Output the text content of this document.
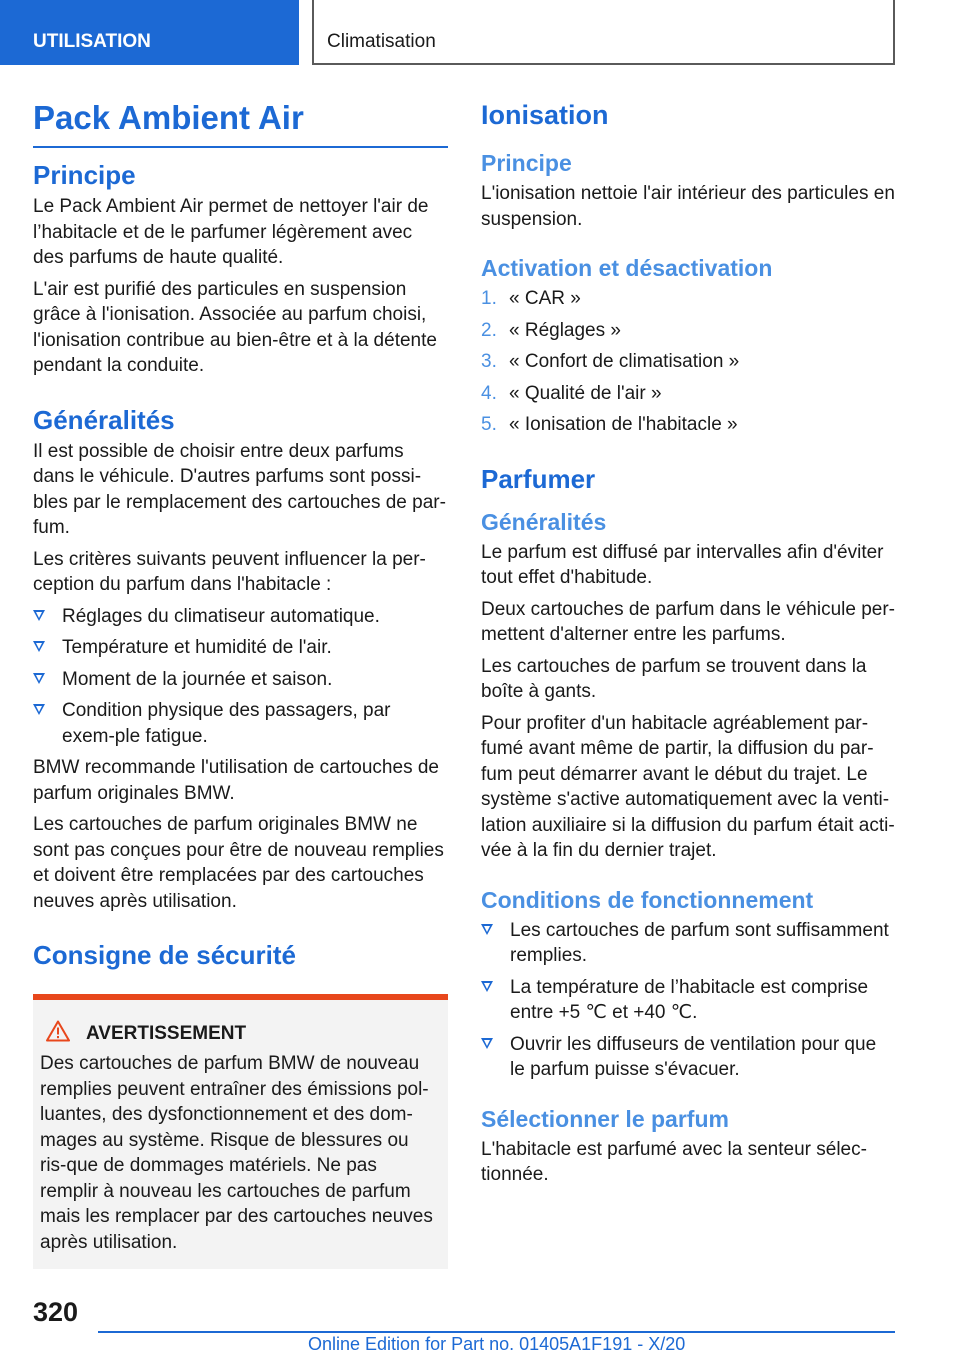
UTILISATION	Climatisation
Pack Ambient Air
Principe

Le Pack Ambient Air permet de nettoyer l'air de l’habitacle et de le parfumer légèrement avec des parfums de haute qualité.

L'air est purifié des particules en suspension grâce à l'ionisation. Associée au parfum choisi, l'ionisation contribue au bien-être et à la détente pendant la conduite.

Généralités

Il est possible de choisir entre deux parfums dans le véhicule. D'autres parfums sont possi-bles par le remplacement des cartouches de par-fum.

Les critères suivants peuvent influencer la per-ception du parfum dans l'habitacle :

Réglages du climatiseur automatique.
Température et humidité de l'air.
Moment de la journée et saison.
Condition physique des passagers, par exem-ple fatigue.

BMW recommande l'utilisation de cartouches de parfum originales BMW.

Les cartouches de parfum originales BMW ne sont pas conçues pour être de nouveau remplies et doivent être remplacées par des cartouches neuves après utilisation.

Consigne de sécurité
AVERTISSEMENT

Des cartouches de parfum BMW de nouveau remplies peuvent entraîner des émissions pol-luantes, des dysfonctionnement et des dom-mages au système. Risque de blessures ou ris-que de dommages matériels. Ne pas remplir à nouveau les cartouches de parfum mais les remplacer par des cartouches neuves après utilisation.

Ionisation
Principe

L'ionisation nettoie l'air intérieur des particules en suspension.

Activation et désactivation
1. « CAR »
2. « Réglages »
3. « Confort de climatisation »
4. « Qualité de l'air »
5. « Ionisation de l'habitacle »
Parfumer
Généralités

Le parfum est diffusé par intervalles afin d'éviter tout effet d'habitude.

Deux cartouches de parfum dans le véhicule per-mettent d'alterner entre les parfums.

Les cartouches de parfum se trouvent dans la boîte à gants.

Pour profiter d'un habitacle agréablement par-fumé avant même de partir, la diffusion du par-fum peut démarrer avant le début du trajet. Le système s'active automatiquement avec la venti-lation auxiliaire si la diffusion du parfum était acti-vée à la fin du dernier trajet.

Conditions de fonctionnement
Les cartouches de parfum sont suffisamment remplies.
La température de l’habitacle est comprise entre +5 ℃ et +40 ℃.
Ouvrir les diffuseurs de ventilation pour que le parfum puisse s'évacuer.
Sélectionner le parfum

L'habitacle est parfumé avec la senteur sélec-tionnée.

320
Online Edition for Part no. 01405A1F191 - X/20
